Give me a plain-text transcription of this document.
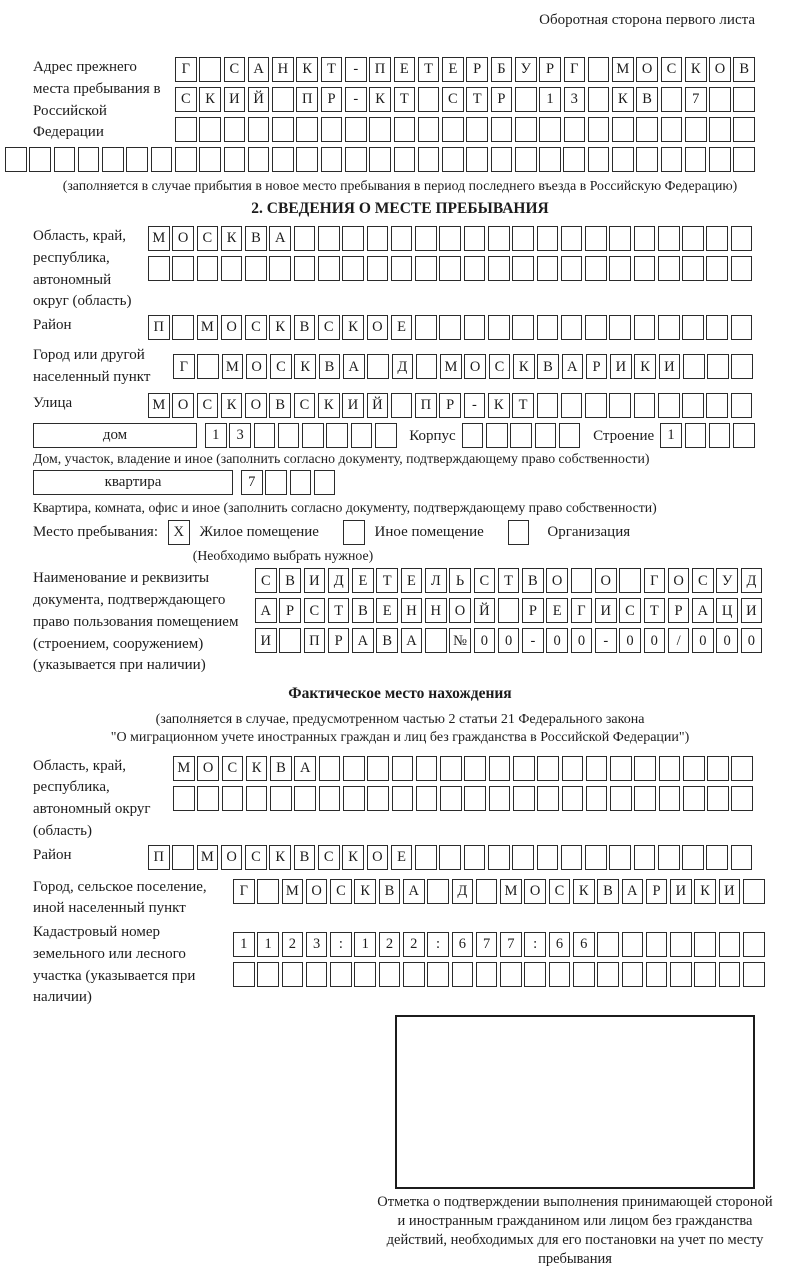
Оборотная сторона первого листа
Адрес прежнего места пребывания в Российской Федерации
Г	С А Н К	Т	-	П	Е	Т	Е	Р	Б	У	Р	Г	М О С	К О В
С	К И Й	П	Р	-	К	Т	С	Т	Р	1	3	К	В	7
(заполняется в случае прибытия в новое место пребывания в период последнего въезда в Российскую Федерацию)
2. СВЕДЕНИЯ О МЕСТЕ ПРЕБЫВАНИЯ
Область, край, республика, автономный округ (область)
М О С	К	В А
Район	П	М О С	К	В	С	К О	Е
Город или другой населенный пункт
Г	М О С	К	В А	Д	М О С	К	В А	Р	И К И
Улица	М О С	К О В	С	К И Й	П	Р	-	К	Т
дом	1	3	Корпус	Строение 1
Дом, участок, владение и иное (заполнить согласно документу, подтверждающему право собственности)
квартира	7
Квартира, комната, офис и иное (заполнить согласно документу, подтверждающему право собственности)
Место пребывания:	X	Жилое помещение	Иное помещение	Организация
(Необходимо выбрать нужное)
Наименование и реквизиты документа, подтверждающего право пользования помещением (строением, сооружением) (указывается при наличии)
С	В И Д	Е	Т	Е	Л	Ь	С	Т	В О	О	Г	О С У Д
А	Р	С	Т	В	Е	Н Н О Й	Р	Е	Г	И С	Т	Р	А Ц И
И	П	Р	А В А	№ 0	0	-	0	0	-	0	0	/	0	0	0
Фактическое место нахождения
(заполняется в случае, предусмотренном частью 2 статьи 21 Федерального закона
"О миграционном учете иностранных граждан и лиц без гражданства в Российской Федерации")
Область, край, республика, автономный округ (область)
М О С	К	В А
Район	П	М О С	К	В	С	К О	Е
Город, сельское поселение, иной населенный пункт
Г	М О С	К	В А	Д	М О С	К	В А	Р	И К И
Кадастровый номер земельного или лесного участка (указывается при наличии)
1	1	2	3	:	1	2	2	:	6	7	7	:	6	6
Отметка о подтверждении выполнения принимающей стороной и иностранным гражданином или лицом без гражданства действий, необходимых для его постановки на учет по месту пребывания
